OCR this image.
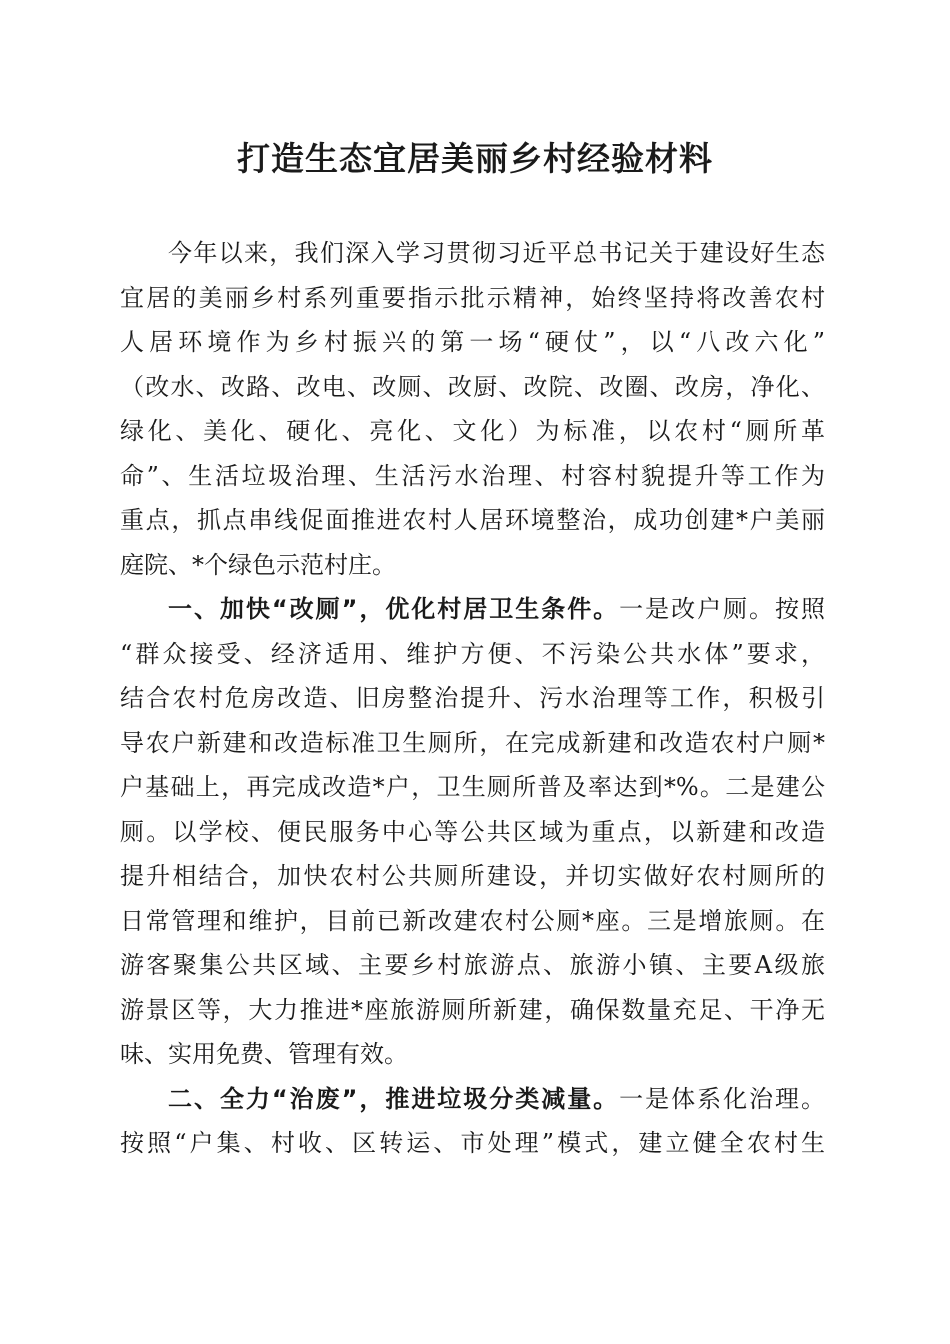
打造生态宜居美丽乡村经验材料
今年以来，我们深入学习贯彻习近平总书记关于建设好生态
宜居的美丽乡村系列重要指示批示精神，始终坚持将改善农村
人居环境作为乡村振兴的第一场“硬仗”，以“八改六化”
（改水、改路、改电、改厕、改厨、改院、改圈、改房，净化、
绿化、美化、硬化、亮化、文化）为标准，以农村“厕所革
命”、生活垃圾治理、生活污水治理、村容村貌提升等工作为
重点，抓点串线促面推进农村人居环境整治，成功创建*户美丽
庭院、*个绿色示范村庄。
一、加快“改厕”，优化村居卫生条件。一是改户厕。按照
“群众接受、经济适用、维护方便、不污染公共水体”要求，
结合农村危房改造、旧房整治提升、污水治理等工作，积极引
导农户新建和改造标准卫生厕所，在完成新建和改造农村户厕*
户基础上，再完成改造*户，卫生厕所普及率达到*%。二是建公
厕。以学校、便民服务中心等公共区域为重点，以新建和改造
提升相结合，加快农村公共厕所建设，并切实做好农村厕所的
日常管理和维护，目前已新改建农村公厕*座。三是增旅厕。在
游客聚集公共区域、主要乡村旅游点、旅游小镇、主要A级旅
游景区等，大力推进*座旅游厕所新建，确保数量充足、干净无
味、实用免费、管理有效。
二、全力“治废”，推进垃圾分类减量。一是体系化治理。
按照“户集、村收、区转运、市处理”模式，建立健全农村生
